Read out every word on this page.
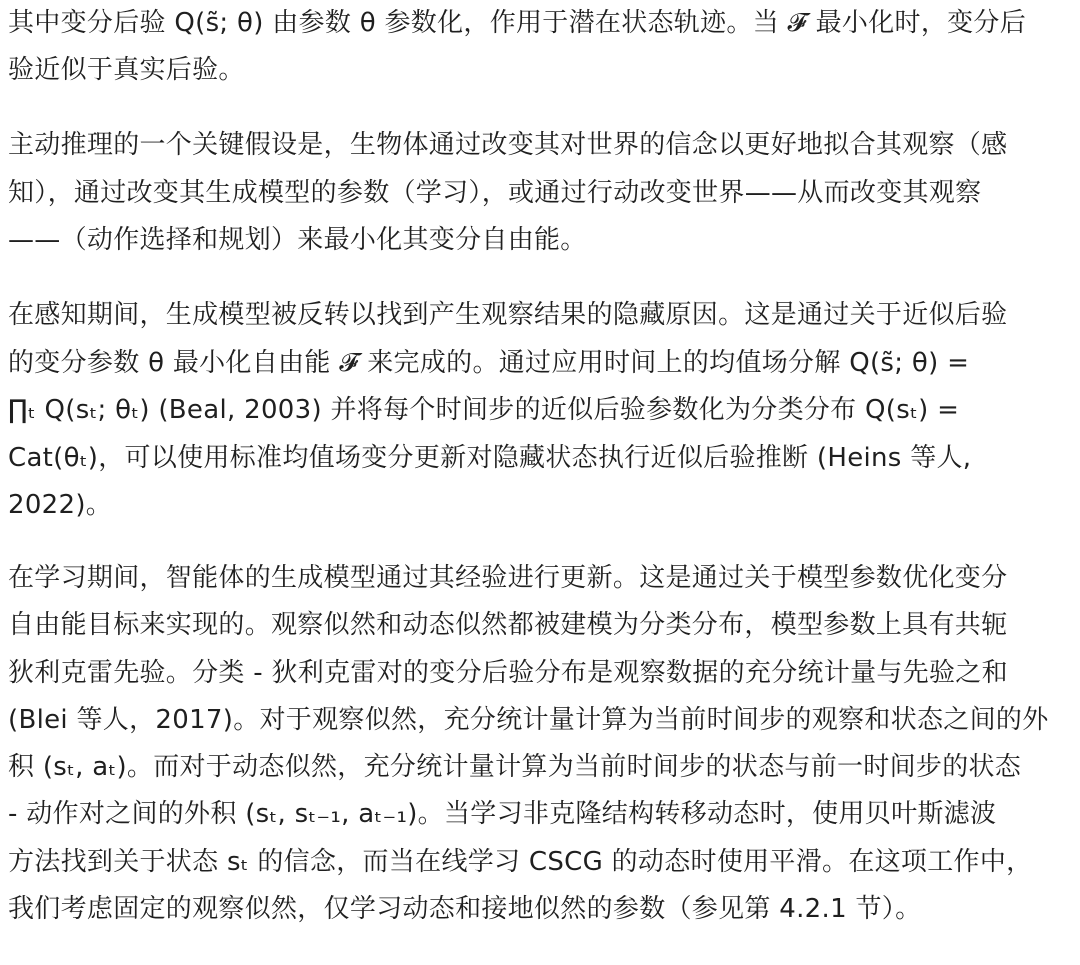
其中变分后验 Q(s̃; θ) 由参数 θ 参数化，作用于潜在状态轨迹。当 𝓕 最小化时，变分后
验近似于真实后验。

主动推理的一个关键假设是，生物体通过改变其对世界的信念以更好地拟合其观察（感
知），通过改变其生成模型的参数（学习），或通过行动改变世界——从而改变其观察
——（动作选择和规划）来最小化其变分自由能。

在感知期间，生成模型被反转以找到产生观察结果的隐藏原因。这是通过关于近似后验
的变分参数 θ 最小化自由能 𝓕 来完成的。通过应用时间上的均值场分解 Q(s̃; θ) =
∏ₜ Q(sₜ; θₜ) (Beal, 2003) 并将每个时间步的近似后验参数化为分类分布 Q(sₜ) =
Cat(θₜ)，可以使用标准均值场变分更新对隐藏状态执行近似后验推断 (Heins 等人,
2022)。

在学习期间，智能体的生成模型通过其经验进行更新。这是通过关于模型参数优化变分
自由能目标来实现的。观察似然和动态似然都被建模为分类分布，模型参数上具有共轭
狄利克雷先验。分类 - 狄利克雷对的变分后验分布是观察数据的充分统计量与先验之和
(Blei 等人，2017)。对于观察似然，充分统计量计算为当前时间步的观察和状态之间的外
积 (sₜ, aₜ)。而对于动态似然，充分统计量计算为当前时间步的状态与前一时间步的状态
- 动作对之间的外积 (sₜ, sₜ₋₁, aₜ₋₁)。当学习非克隆结构转移动态时，使用贝叶斯滤波
方法找到关于状态 sₜ 的信念，而当在线学习 CSCG 的动态时使用平滑。在这项工作中，
我们考虑固定的观察似然，仅学习动态和接地似然的参数（参见第 4.2.1 节）。
